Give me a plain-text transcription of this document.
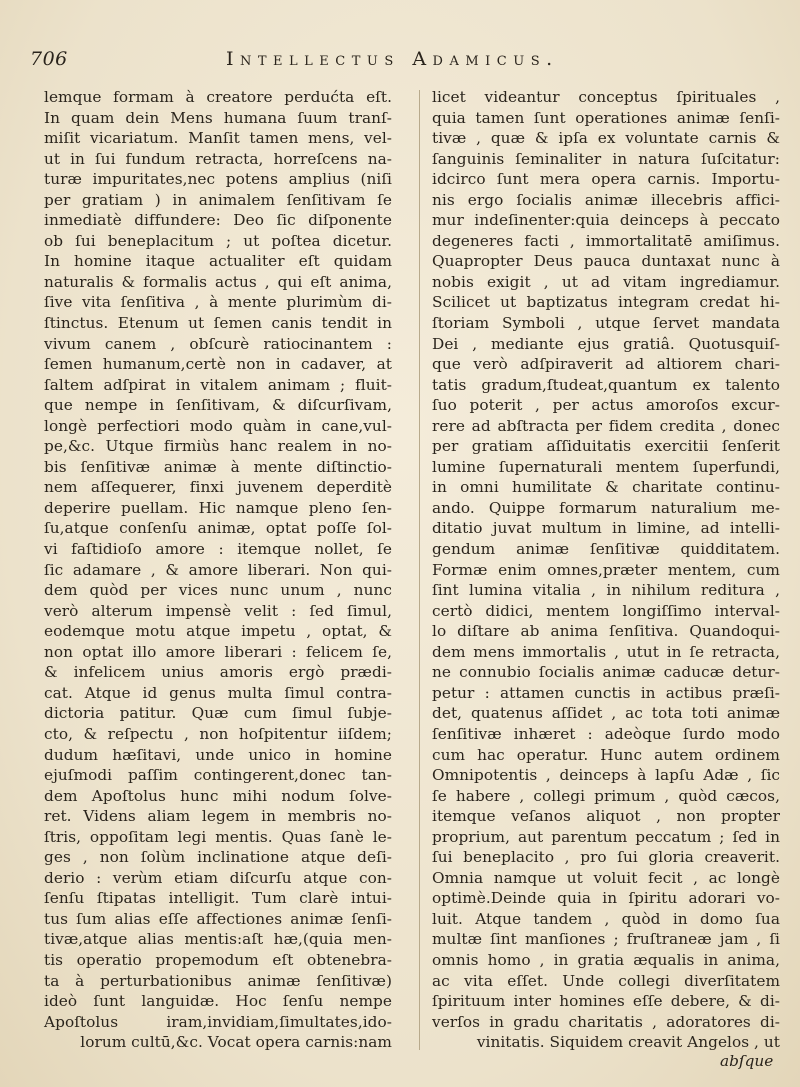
706	Intellectus Adamicus.
lemque formam à creatore perdućta eſt.
In quam dein Mens humana ſuum tranſ-
miſit vicariatum. Manſit tamen mens, vel-
ut in ſui fundum retracta, horreſcens na-
turæ impuritates,nec potens amplius (niſi
per gratiam ) in animalem ſenſitivam ſe
inmediatè diffundere: Deo ſic diſponente
ob ſui beneplacitum ; ut poſtea dicetur.
In homine itaque actualiter eſt quidam
naturalis & formalis actus , qui eſt anima,
ſive vita ſenſitiva , à mente plurimùm di-
ſtinctus. Etenum ut ſemen canis tendit in
vivum canem , obſcurè ratiocinantem :
ſemen humanum,certè non in cadaver, at
ſaltem adſpirat in vitalem animam ; fluit-
que nempe in ſenſitivam, & diſcurſivam,
longè perfectiori modo quàm in cane,vul-
pe,&c. Utque firmiùs hanc realem in no-
bis ſenſitivæ animæ à mente diſtinctio-
nem aſſequerer, finxi juvenem deperditè
deperire puellam. Hic namque pleno ſen-
ſu,atque conſenſu animæ, optat poſſe ſol-
vi faſtidioſo amore : itemque nollet, ſe
ſic adamare , & amore liberari. Non qui-
dem quòd per vices nunc unum , nunc
verò alterum impensè velit : ſed ſimul,
eodemque motu atque impetu , optat, &
non optat illo amore liberari : felicem ſe,
& infelicem unius amoris ergò prædi-
cat. Atque id genus multa ſimul contra-
dictoria patitur. Quæ cum ſimul ſubje-
cto, & reſpectu , non hoſpitentur iiſdem;
dudum hæſitavi, unde unico in homine
ejuſmodi paſſim contingerent,donec tan-
dem Apoſtolus hunc mihi nodum ſolve-
ret. Videns aliam legem in membris no-
ſtris, oppoſitam legi mentis. Quas ſanè le-
ges , non ſolùm inclinatione atque deſi-
derio : verùm etiam diſcurſu atque con-
ſenſu ſtipatas intelligit. Tum clarè intui-
tus ſum alias eſſe affectiones animæ ſenſi-
tivæ,atque alias mentis:aſt hæ,(quia men-
tis operatio propemodum eſt obtenebra-
ta à perturbationibus animæ ſenſitivæ)
ideò ſunt languidæ. Hoc ſenſu nempe
Apoſtolus iram,invidiam,ſimultates,ido-
lorum cultū,&c. Vocat opera carnis:nam
licet videantur conceptus ſpirituales ,
quia tamen ſunt operationes animæ ſenſi-
tivæ , quæ & ipſa ex voluntate carnis &
ſanguinis ſeminaliter in natura ſuſcitatur:
idcirco ſunt mera opera carnis. Importu-
nis ergo ſocialis animæ illecebris affici-
mur indeſinenter:quia deinceps à peccato
degeneres facti , immortalitatē amiſimus.
Quapropter Deus pauca duntaxat nunc à
nobis exigit , ut ad vitam ingrediamur.
Scilicet ut baptizatus integram credat hi-
ſtoriam Symboli , utque ſervet mandata
Dei , mediante ejus gratiâ. Quotusquiſ-
que verò adſpiraverit ad altiorem chari-
tatis gradum,ſtudeat,quantum ex talento
ſuo poterit , per actus amoroſos excur-
rere ad abſtracta per fidem credita , donec
per gratiam aſſiduitatis exercitii ſenſerit
lumine ſupernaturali mentem ſuperfundi,
in omni humilitate & charitate continu-
ando. Quippe formarum naturalium me-
ditatio juvat multum in limine, ad intelli-
gendum animæ ſenſitivæ quidditatem.
Formæ enim omnes,præter mentem, cum
ſint lumina vitalia , in nihilum reditura ,
certò didici, mentem longiſſimo interval-
lo diſtare ab anima ſenſitiva. Quandoqui-
dem mens immortalis , utut in ſe retracta,
ne connubio ſocialis animæ caducæ detur-
petur : attamen cunctis in actibus præſi-
det, quatenus aſſidet , ac tota toti animæ
ſenſitivæ inhæret : adeòque ſurdo modo
cum hac operatur. Hunc autem ordinem
Omnipotentis , deinceps à lapſu Adæ , ſic
ſe habere , collegi primum , quòd cæcos,
itemque veſanos aliquot , non propter
proprium, aut parentum peccatum ; ſed in
ſui beneplacito , pro ſui gloria creaverit.
Omnia namque ut voluit fecit , ac longè
optimè.Deinde quia in ſpiritu adorari vo-
luit. Atque tandem , quòd in domo ſua
multæ ſint manſiones ; fruſtraneæ jam , ſi
omnis homo , in gratia æqualis in anima,
ac vita eſſet. Unde collegi diverſitatem
ſpirituum inter homines eſſe debere, & di-
verſos in gradu charitatis , adoratores di-
vinitatis. Siquidem creavit Angelos , ut
abſque
